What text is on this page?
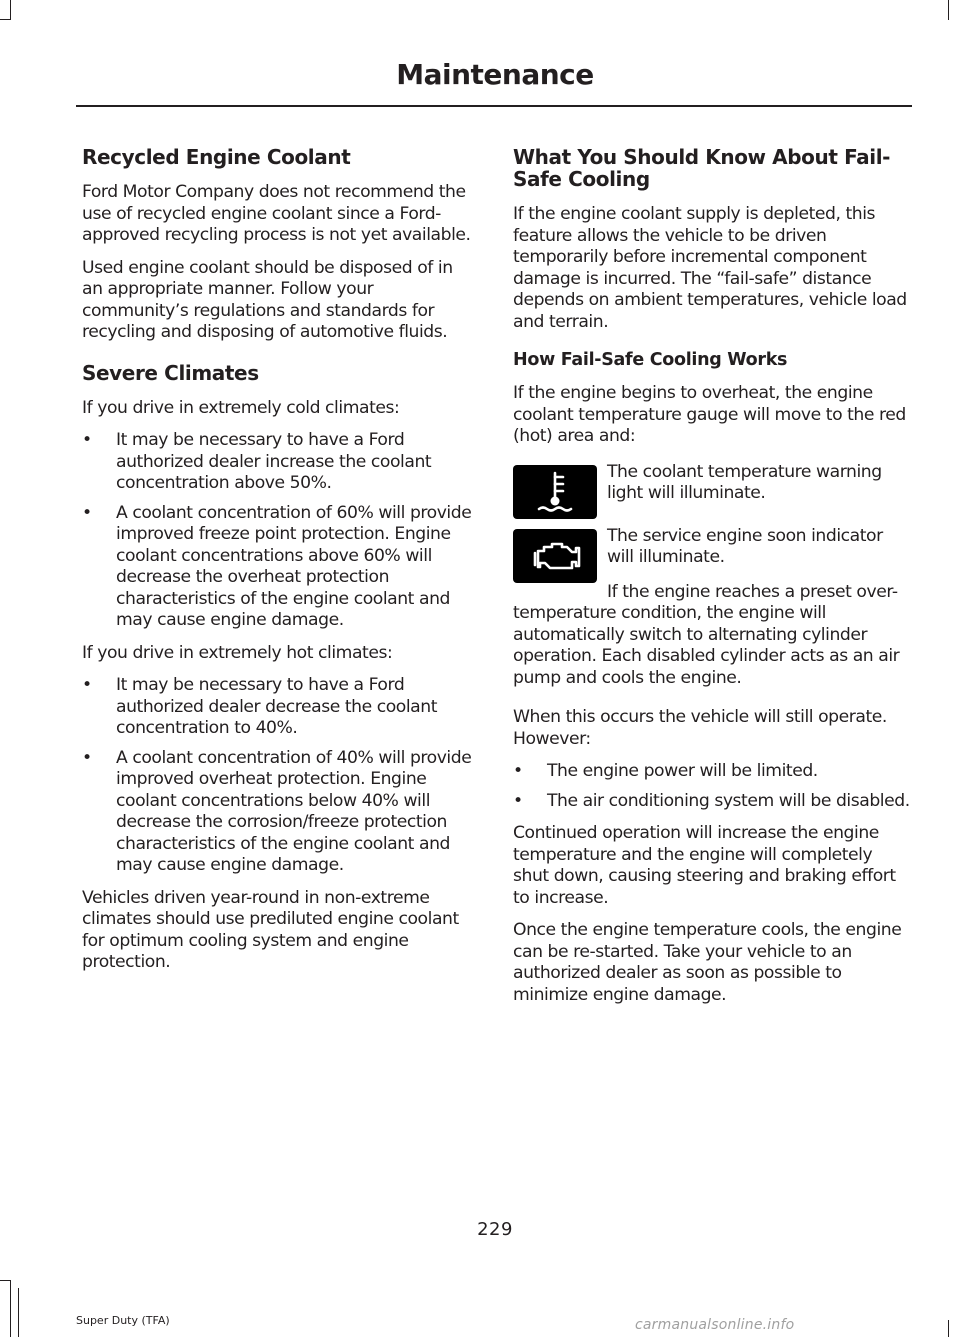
Maintenance
Recycled Engine Coolant

Ford Motor Company does not recommend the use of recycled engine coolant since a Ford-approved recycling process is not yet available.

Used engine coolant should be disposed of in an appropriate manner. Follow your community’s regulations and standards for recycling and disposing of automotive fluids.

Severe Climates

If you drive in extremely cold climates:

• It may be necessary to have a Ford authorized dealer increase the coolant concentration above 50%.
• A coolant concentration of 60% will provide improved freeze point protection. Engine coolant concentrations above 60% will decrease the overheat protection characteristics of the engine coolant and may cause engine damage.

If you drive in extremely hot climates:

• It may be necessary to have a Ford authorized dealer decrease the coolant concentration to 40%.
• A coolant concentration of 40% will provide improved overheat protection. Engine coolant concentrations below 40% will decrease the corrosion/freeze protection characteristics of the engine coolant and may cause engine damage.

Vehicles driven year-round in non-extreme climates should use prediluted engine coolant for optimum cooling system and engine protection.

What You Should Know About Fail-Safe Cooling

If the engine coolant supply is depleted, this feature allows the vehicle to be driven temporarily before incremental component damage is incurred. The “fail-safe” distance depends on ambient temperatures, vehicle load and terrain.

How Fail-Safe Cooling Works

If the engine begins to overheat, the engine coolant temperature gauge will move to the red (hot) area and:

The coolant temperature warning light will illuminate.

The service engine soon indicator will illuminate.

If the engine reaches a preset over-temperature condition, the engine will automatically switch to alternating cylinder operation. Each disabled cylinder acts as an air pump and cools the engine.

When this occurs the vehicle will still operate. However:

• The engine power will be limited.
• The air conditioning system will be disabled.

Continued operation will increase the engine temperature and the engine will completely shut down, causing steering and braking effort to increase.

Once the engine temperature cools, the engine can be re-started. Take your vehicle to an authorized dealer as soon as possible to minimize engine damage.

229
Super Duty (TFA)	carmanualsonline.info
